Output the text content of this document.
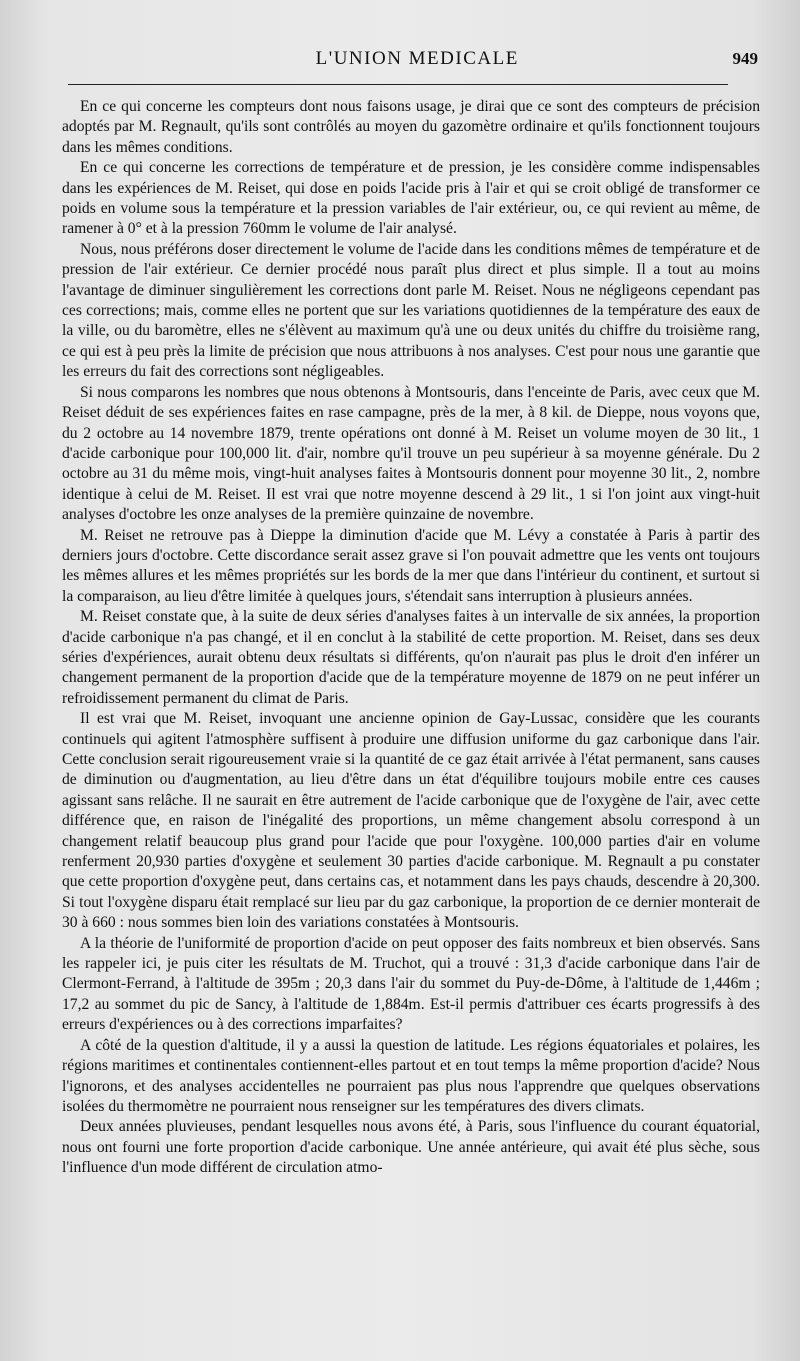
L'UNION MEDICALE	949

En ce qui concerne les compteurs dont nous faisons usage, je dirai que ce sont des compteurs de précision adoptés par M. Regnault, qu'ils sont contrôlés au moyen du gazomètre ordinaire et qu'ils fonctionnent toujours dans les mêmes conditions.

En ce qui concerne les corrections de température et de pression, je les considère comme indispensables dans les expériences de M. Reiset, qui dose en poids l'acide pris à l'air et qui se croit obligé de transformer ce poids en volume sous la température et la pression variables de l'air extérieur, ou, ce qui revient au même, de ramener à 0° et à la pression 760mm le volume de l'air analysé.

Nous, nous préférons doser directement le volume de l'acide dans les conditions mêmes de température et de pression de l'air extérieur. Ce dernier procédé nous paraît plus direct et plus simple. Il a tout au moins l'avantage de diminuer singulièrement les corrections dont parle M. Reiset. Nous ne négligeons cependant pas ces corrections; mais, comme elles ne portent que sur les variations quotidiennes de la température des eaux de la ville, ou du baromètre, elles ne s'élèvent au maximum qu'à une ou deux unités du chiffre du troisième rang, ce qui est à peu près la limite de précision que nous attribuons à nos analyses. C'est pour nous une garantie que les erreurs du fait des corrections sont négligeables.

Si nous comparons les nombres que nous obtenons à Montsouris, dans l'enceinte de Paris, avec ceux que M. Reiset déduit de ses expériences faites en rase campagne, près de la mer, à 8 kil. de Dieppe, nous voyons que, du 2 octobre au 14 novembre 1879, trente opérations ont donné à M. Reiset un volume moyen de 30 lit., 1 d'acide carbonique pour 100,000 lit. d'air, nombre qu'il trouve un peu supérieur à sa moyenne générale. Du 2 octobre au 31 du même mois, vingt-huit analyses faites à Montsouris donnent pour moyenne 30 lit., 2, nombre identique à celui de M. Reiset. Il est vrai que notre moyenne descend à 29 lit., 1 si l'on joint aux vingt-huit analyses d'octobre les onze analyses de la première quinzaine de novembre.

M. Reiset ne retrouve pas à Dieppe la diminution d'acide que M. Lévy a constatée à Paris à partir des derniers jours d'octobre. Cette discordance serait assez grave si l'on pouvait admettre que les vents ont toujours les mêmes allures et les mêmes propriétés sur les bords de la mer que dans l'intérieur du continent, et surtout si la comparaison, au lieu d'être limitée à quelques jours, s'étendait sans interruption à plusieurs années.

M. Reiset constate que, à la suite de deux séries d'analyses faites à un intervalle de six années, la proportion d'acide carbonique n'a pas changé, et il en conclut à la stabilité de cette proportion. M. Reiset, dans ses deux séries d'expériences, aurait obtenu deux résultats si différents, qu'on n'aurait pas plus le droit d'en inférer un changement permanent de la proportion d'acide que de la température moyenne de 1879 on ne peut inférer un refroidissement permanent du climat de Paris.

Il est vrai que M. Reiset, invoquant une ancienne opinion de Gay-Lussac, considère que les courants continuels qui agitent l'atmosphère suffisent à produire une diffusion uniforme du gaz carbonique dans l'air. Cette conclusion serait rigoureusement vraie si la quantité de ce gaz était arrivée à l'état permanent, sans causes de diminution ou d'augmentation, au lieu d'être dans un état d'équilibre toujours mobile entre ces causes agissant sans relâche. Il ne saurait en être autrement de l'acide carbonique que de l'oxygène de l'air, avec cette différence que, en raison de l'inégalité des proportions, un même changement absolu correspond à un changement relatif beaucoup plus grand pour l'acide que pour l'oxygène. 100,000 parties d'air en volume renferment 20,930 parties d'oxygène et seulement 30 parties d'acide carbonique. M. Regnault a pu constater que cette proportion d'oxygène peut, dans certains cas, et notamment dans les pays chauds, descendre à 20,300. Si tout l'oxygène disparu était remplacé sur lieu par du gaz carbonique, la proportion de ce dernier monterait de 30 à 660 : nous sommes bien loin des variations constatées à Montsouris.

A la théorie de l'uniformité de proportion d'acide on peut opposer des faits nombreux et bien observés. Sans les rappeler ici, je puis citer les résultats de M. Truchot, qui a trouvé : 31,3 d'acide carbonique dans l'air de Clermont-Ferrand, à l'altitude de 395m ; 20,3 dans l'air du sommet du Puy-de-Dôme, à l'altitude de 1,446m ; 17,2 au sommet du pic de Sancy, à l'altitude de 1,884m. Est-il permis d'attribuer ces écarts progressifs à des erreurs d'expériences ou à des corrections imparfaites?

A côté de la question d'altitude, il y a aussi la question de latitude. Les régions équatoriales et polaires, les régions maritimes et continentales contiennent-elles partout et en tout temps la même proportion d'acide? Nous l'ignorons, et des analyses accidentelles ne pourraient pas plus nous l'apprendre que quelques observations isolées du thermomètre ne pourraient nous renseigner sur les températures des divers climats.

Deux années pluvieuses, pendant lesquelles nous avons été, à Paris, sous l'influence du courant équatorial, nous ont fourni une forte proportion d'acide carbonique. Une année antérieure, qui avait été plus sèche, sous l'influence d'un mode différent de circulation atmo-
